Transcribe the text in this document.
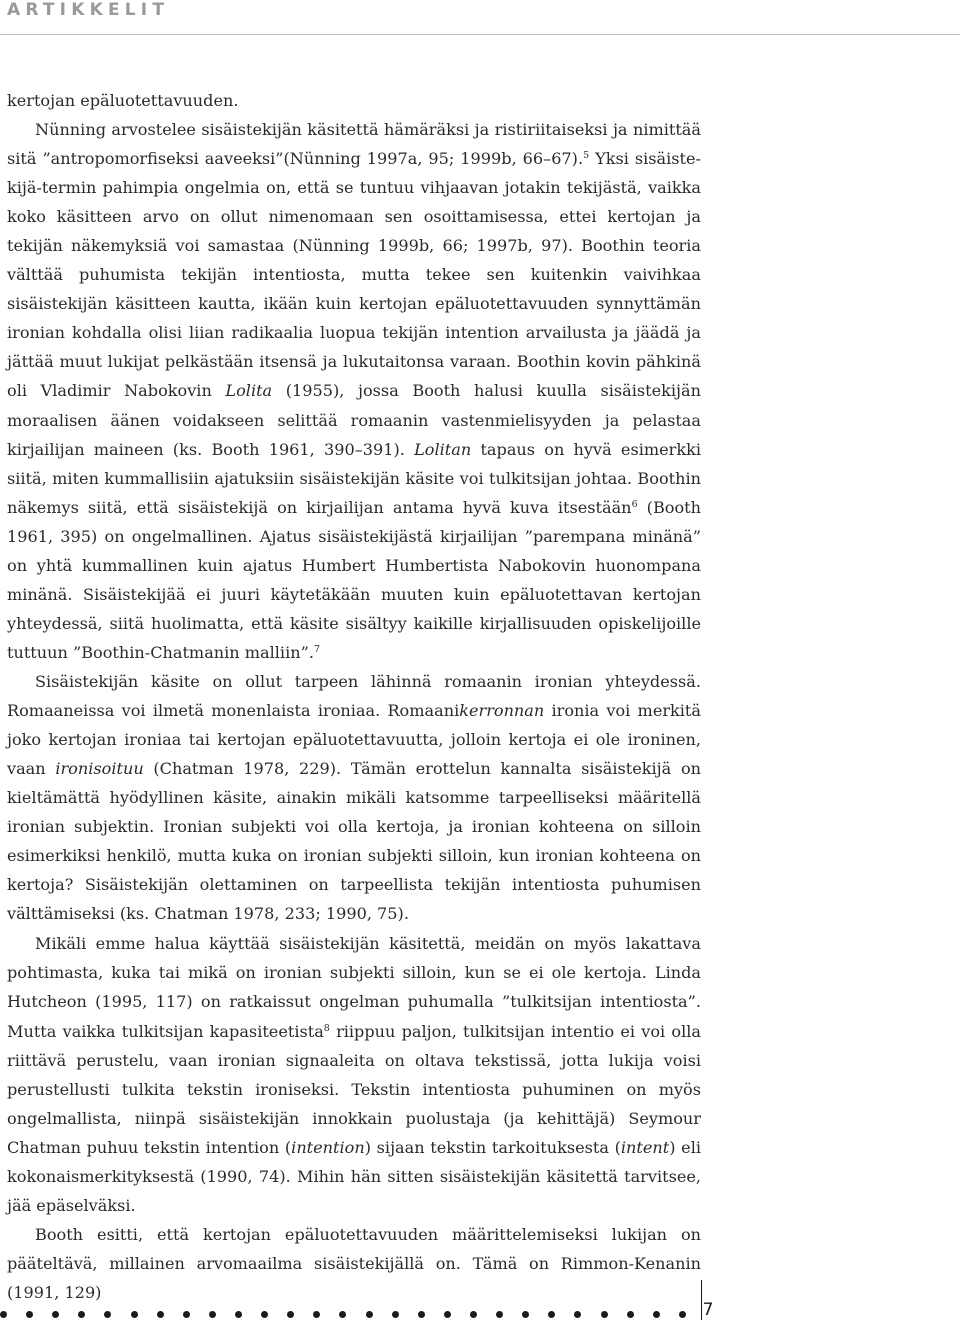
ARTIKKELIT

kertojan epäluotettavuuden.

Nünning arvostelee sisäistekijän käsitettä hämäräksi ja ristiriitaiseksi ja nimittää sitä ”antropomorfiseksi aaveeksi”(Nünning 1997a, 95; 1999b, 66–67).$^5$ Yksi sisäistekijä-termin pahimpia ongelmia on, että se tuntuu vihjaavan jotakin tekijästä, vaikka koko käsitteen arvo on ollut nimenomaan sen osoittamisessa, ettei kertojan ja tekijän näkemyksiä voi samastaa (Nünning 1999b, 66; 1997b, 97). Boothin teoria välttää puhumista tekijän intentiosta, mutta tekee sen kuitenkin vaivihkaa sisäistekijän käsitteen kautta, ikään kuin kertojan epäluotettavuuden synnyttämän ironian kohdalla olisi liian radikaalia luopua tekijän intention arvailusta ja jäädä ja jättää muut lukijat pelkästään itsensä ja lukutaitonsa varaan. Boothin kovin pähkinä oli Vladimir Nabokovin Lolita (1955), jossa Booth halusi kuulla sisäistekijän moraalisen äänen voidakseen selittää romaanin vastenmielisyyden ja pelastaa kirjailijan maineen (ks. Booth 1961, 390–391). Lolitan tapaus on hyvä esimerkki siitä, miten kummallisiin ajatuksiin sisäistekijän käsite voi tulkitsijan johtaa. Boothin näkemys siitä, että sisäistekijä on kirjailijan antama hyvä kuva itsestään$^6$ (Booth 1961, 395) on ongelmallinen. Ajatus sisäistekijästä kirjailijan ”parempana minänä” on yhtä kummallinen kuin ajatus Humbert Humbertista Nabokovin huonompana minänä. Sisäistekijää ei juuri käytetäkään muuten kuin epäluotettavan kertojan yhteydessä, siitä huolimatta, että käsite sisältyy kaikille kirjallisuuden opiskelijoille tuttuun ”Boothin-Chatmanin malliin”.$^7$

Sisäistekijän käsite on ollut tarpeen lähinnä romaanin ironian yhteydessä. Romaaneissa voi ilmetä monenlaista ironiaa. Romaanikerronnan ironia voi merkitä joko kertojan ironiaa tai kertojan epäluotettavuutta, jolloin kertoja ei ole ironinen, vaan ironisoituu (Chatman 1978, 229). Tämän erottelun kannalta sisäistekijä on kieltämättä hyödyllinen käsite, ainakin mikäli katsomme tarpeelliseksi määritellä ironian subjektin. Ironian subjekti voi olla kertoja, ja ironian kohteena on silloin esimerkiksi henkilö, mutta kuka on ironian subjekti silloin, kun ironian kohteena on kertoja? Sisäistekijän olettaminen on tarpeellista tekijän intentiosta puhumisen välttämiseksi (ks. Chatman 1978, 233; 1990, 75).

Mikäli emme halua käyttää sisäistekijän käsitettä, meidän on myös lakattava pohtimasta, kuka tai mikä on ironian subjekti silloin, kun se ei ole kertoja. Linda Hutcheon (1995, 117) on ratkaissut ongelman puhumalla ”tulkitsijan intentiosta”. Mutta vaikka tulkitsijan kapasiteetista$^8$ riippuu paljon, tulkitsijan intentio ei voi olla riittävä perustelu, vaan ironian signaaleita on oltava tekstissä, jotta lukija voisi perustellusti tulkita tekstin ironiseksi. Tekstin intentiosta puhuminen on myös ongelmallista, niinpä sisäistekijän innokkain puolustaja (ja kehittäjä) Seymour Chatman puhuu tekstin intention (intention) sijaan tekstin tarkoituksesta (intent) eli kokonaismerkityksestä (1990, 74). Mihin hän sitten sisäistekijän käsitettä tarvitsee, jää epäselväksi.

Booth esitti, että kertojan epäluotettavuuden määrittelemiseksi lukijan on pääteltävä, millainen arvomaailma sisäistekijällä on. Tämä on Rimmon-Kenanin (1991, 129)

7
